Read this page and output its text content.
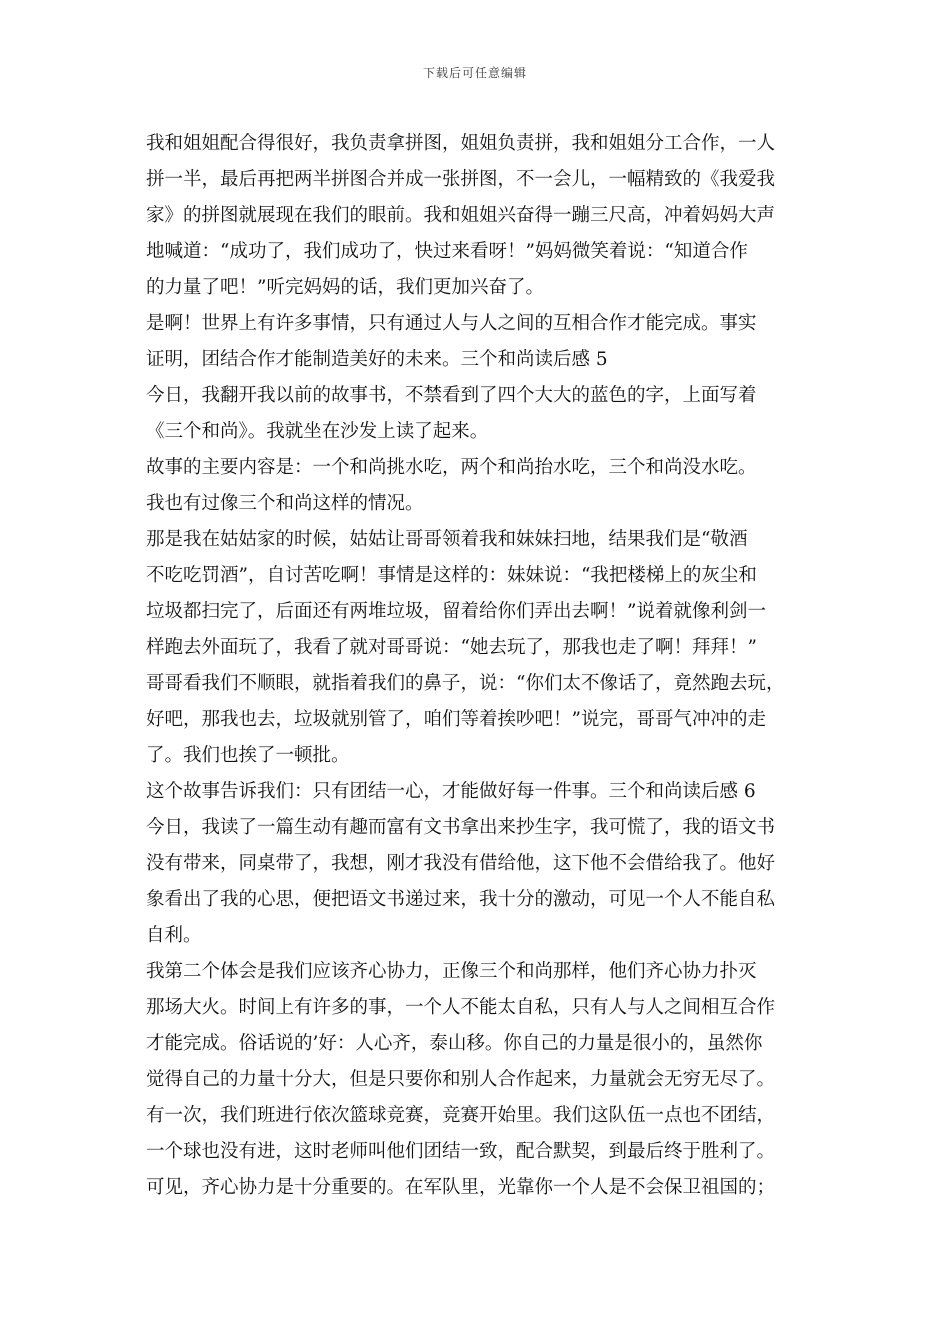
下载后可任意编辑
我和姐姐配合得很好，我负责拿拼图，姐姐负责拼，我和姐姐分工合作，一人
拼一半，最后再把两半拼图合并成一张拼图，不一会儿，一幅精致的《我爱我
家》的拼图就展现在我们的眼前。我和姐姐兴奋得一蹦三尺高，冲着妈妈大声
地喊道：“成功了，我们成功了，快过来看呀！”妈妈微笑着说：“知道合作
的力量了吧！”听完妈妈的话，我们更加兴奋了。
是啊！世界上有许多事情，只有通过人与人之间的互相合作才能完成。事实
证明，团结合作才能制造美好的未来。三个和尚读后感 5
今日，我翻开我以前的故事书，不禁看到了四个大大的蓝色的字，上面写着
《三个和尚》。我就坐在沙发上读了起来。
故事的主要内容是：一个和尚挑水吃，两个和尚抬水吃，三个和尚没水吃。
我也有过像三个和尚这样的情况。
那是我在姑姑家的时候，姑姑让哥哥领着我和妹妹扫地，结果我们是“敬酒
不吃吃罚酒”，自讨苦吃啊！事情是这样的：妹妹说：“我把楼梯上的灰尘和
垃圾都扫完了，后面还有两堆垃圾，留着给你们弄出去啊！”说着就像利剑一
样跑去外面玩了，我看了就对哥哥说：“她去玩了，那我也走了啊！拜拜！”
哥哥看我们不顺眼，就指着我们的鼻子，说：“你们太不像话了，竟然跑去玩，
好吧，那我也去，垃圾就别管了，咱们等着挨吵吧！”说完，哥哥气冲冲的走
了。我们也挨了一顿批。
这个故事告诉我们：只有团结一心，才能做好每一件事。三个和尚读后感 6
今日，我读了一篇生动有趣而富有文书拿出来抄生字，我可慌了，我的语文书
没有带来，同桌带了，我想，刚才我没有借给他，这下他不会借给我了。他好
象看出了我的心思，便把语文书递过来，我十分的激动，可见一个人不能自私
自利。
我第二个体会是我们应该齐心协力，正像三个和尚那样，他们齐心协力扑灭
那场大火。时间上有许多的事，一个人不能太自私，只有人与人之间相互合作
才能完成。俗话说的’好：人心齐，泰山移。你自己的力量是很小的，虽然你
觉得自己的力量十分大，但是只要你和别人合作起来，力量就会无穷无尽了。
有一次，我们班进行依次篮球竞赛，竞赛开始里。我们这队伍一点也不团结，
一个球也没有进，这时老师叫他们团结一致，配合默契，到最后终于胜利了。
可见，齐心协力是十分重要的。在军队里，光靠你一个人是不会保卫祖国的；
